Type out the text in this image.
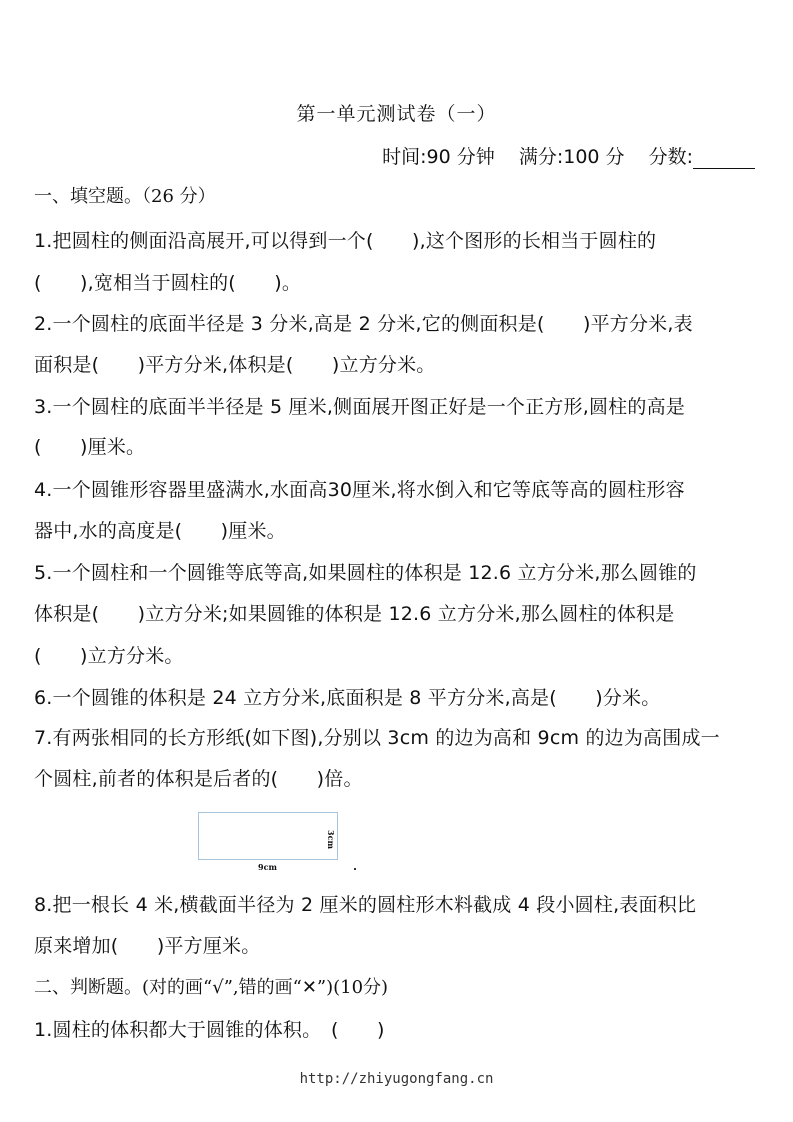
第一单元测试卷（一）
时间:90 分钟 满分:100 分 分数:
一、填空题。（26 分）
1.把圆柱的侧面沿高展开,可以得到一个(　　),这个图形的长相当于圆柱的
(　　),宽相当于圆柱的(　　)。
2.一个圆柱的底面半径是 3 分米,高是 2 分米,它的侧面积是(　　)平方分米,表
面积是(　　)平方分米,体积是(　　)立方分米。
3.一个圆柱的底面半半径是 5 厘米,侧面展开图正好是一个正方形,圆柱的高是
(　　)厘米。
4.一个圆锥形容器里盛满水,水面高30厘米,将水倒入和它等底等高的圆柱形容
器中,水的高度是(　　)厘米。
5.一个圆柱和一个圆锥等底等高,如果圆柱的体积是 12.6 立方分米,那么圆锥的
体积是(　　)立方分米;如果圆锥的体积是 12.6 立方分米,那么圆柱的体积是
(　　)立方分米。
6.一个圆锥的体积是 24 立方分米,底面积是 8 平方分米,高是(　　)分米。
7.有两张相同的长方形纸(如下图),分别以 3cm 的边为高和 9cm 的边为高围成一
个圆柱,前者的体积是后者的(　　)倍。
9cm
3cm
8.把一根长 4 米,横截面半径为 2 厘米的圆柱形木料截成 4 段小圆柱,表面积比
原来增加(　　)平方厘米。
二、判断题。(对的画“√”,错的画“✕”)(10分)
1.圆柱的体积都大于圆锥的体积。　(　　)
http://zhiyugongfang.cn
